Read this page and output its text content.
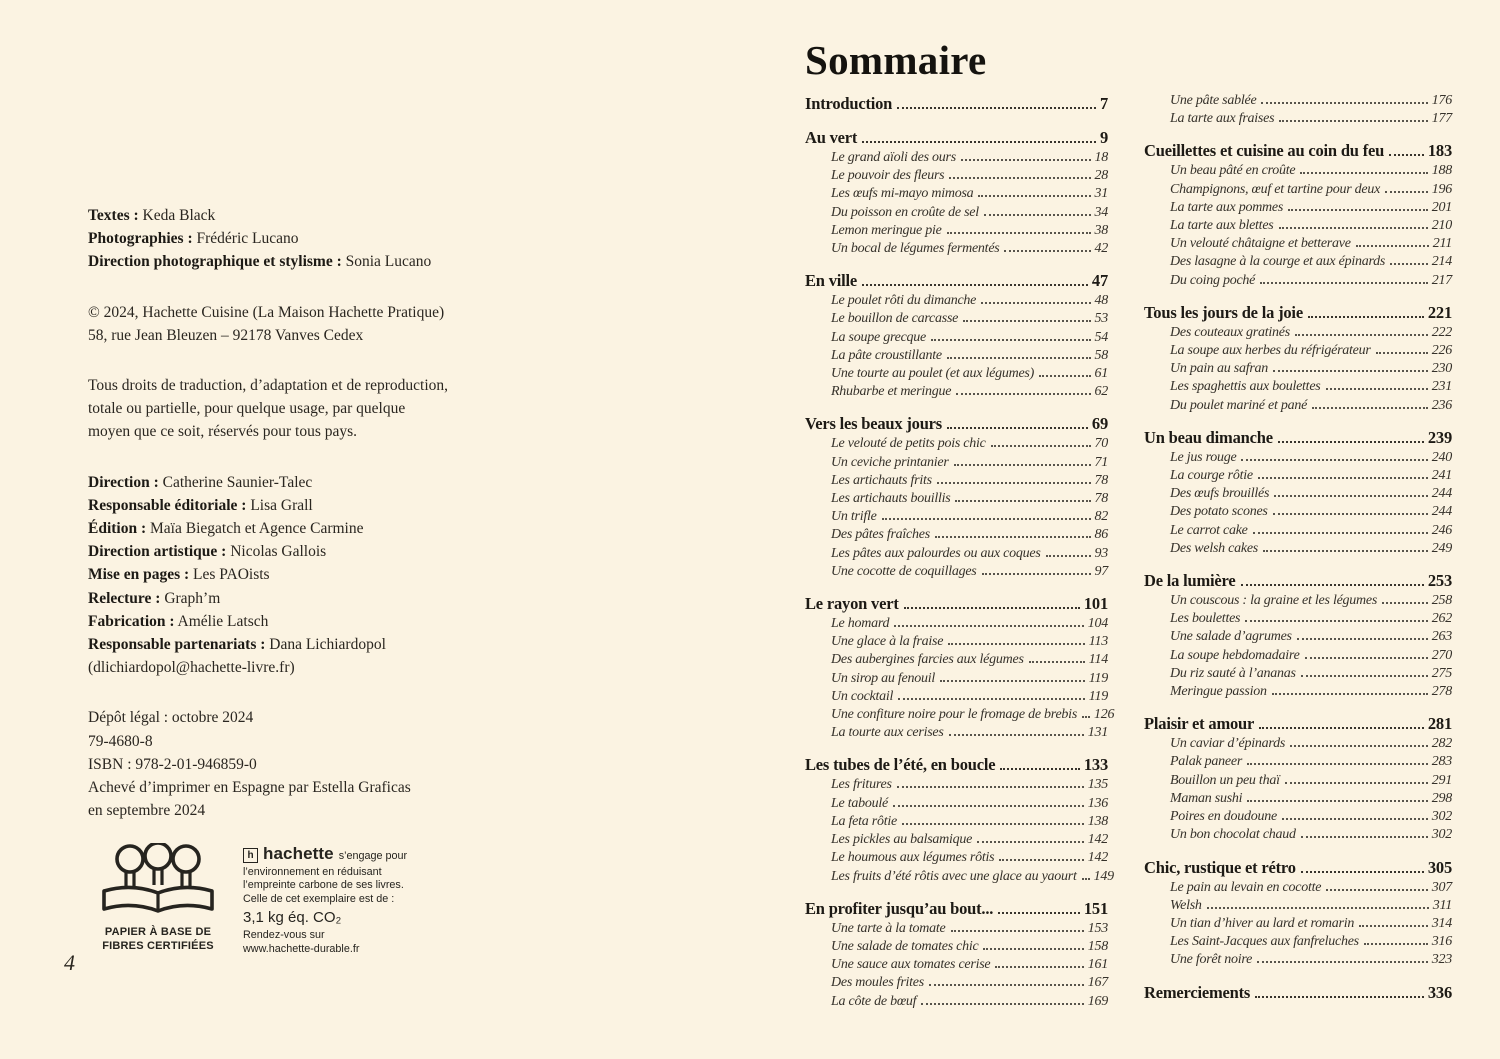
Textes : Keda Black
Photographies : Frédéric Lucano
Direction photographique et stylisme : Sonia Lucano
© 2024, Hachette Cuisine (La Maison Hachette Pratique)
58, rue Jean Bleuzen – 92178 Vanves Cedex
Tous droits de traduction, d’adaptation et de reproduction,
totale ou partielle, pour quelque usage, par quelque
moyen que ce soit, réservés pour tous pays.
Direction : Catherine Saunier-Talec
Responsable éditoriale : Lisa Grall
Édition : Maïa Biegatch et Agence Carmine
Direction artistique : Nicolas Gallois
Mise en pages : Les PAOists
Relecture : Graph’m
Fabrication : Amélie Latsch
Responsable partenariats : Dana Lichiardopol
(dlichiardopol@hachette-livre.fr)
Dépôt légal : octobre 2024
79-4680-8
ISBN : 978-2-01-946859-0
Achevé d’imprimer en Espagne par Estella Graficas
en septembre 2024
PAPIER À BASE DE
FIBRES CERTIFIÉES
h hachette s’engage pour
l’environnement en réduisant
l’empreinte carbone de ses livres.
Celle de cet exemplaire est de :
3,1 kg éq. CO₂
Rendez-vous sur
www.hachette-durable.fr
4
Sommaire
Introduction	7
Au vert	9
Le grand aïoli des ours	18
Le pouvoir des fleurs	28
Les œufs mi-mayo mimosa	31
Du poisson en croûte de sel	34
Lemon meringue pie	38
Un bocal de légumes fermentés	42
En ville	47
Le poulet rôti du dimanche	48
Le bouillon de carcasse	53
La soupe grecque	54
La pâte croustillante	58
Une tourte au poulet (et aux légumes)	61
Rhubarbe et meringue	62
Vers les beaux jours	69
Le velouté de petits pois chic	70
Un ceviche printanier	71
Les artichauts frits	78
Les artichauts bouillis	78
Un trifle	82
Des pâtes fraîches	86
Les pâtes aux palourdes ou aux coques	93
Une cocotte de coquillages	97
Le rayon vert	101
Le homard	104
Une glace à la fraise	113
Des aubergines farcies aux légumes	114
Un sirop au fenouil	119
Un cocktail	119
Une confiture noire pour le fromage de brebis 126
La tourte aux cerises	131
Les tubes de l’été, en boucle	133
Les fritures	135
Le taboulé	136
La feta rôtie	138
Les pickles au balsamique	142
Le houmous aux légumes rôtis	142
Les fruits d’été rôtis avec une glace au yaourt 149
En profiter jusqu’au bout...	151
Une tarte à la tomate	153
Une salade de tomates chic	158
Une sauce aux tomates cerise	161
Des moules frites	167
La côte de bœuf	169
Une pâte sablée	176
La tarte aux fraises	177
Cueillettes et cuisine au coin du feu	183
Un beau pâté en croûte	188
Champignons, œuf et tartine pour deux	196
La tarte aux pommes	201
La tarte aux blettes	210
Un velouté châtaigne et betterave	211
Des lasagne à la courge et aux épinards	214
Du coing poché	217
Tous les jours de la joie	221
Des couteaux gratinés	222
La soupe aux herbes du réfrigérateur	226
Un pain au safran	230
Les spaghettis aux boulettes	231
Du poulet mariné et pané	236
Un beau dimanche	239
Le jus rouge	240
La courge rôtie	241
Des œufs brouillés	244
Des potato scones	244
Le carrot cake	246
Des welsh cakes	249
De la lumière	253
Un couscous : la graine et les légumes	258
Les boulettes	262
Une salade d’agrumes	263
La soupe hebdomadaire	270
Du riz sauté à l’ananas	275
Meringue passion	278
Plaisir et amour	281
Un caviar d’épinards	282
Palak paneer	283
Bouillon un peu thaï	291
Maman sushi	298
Poires en doudoune	302
Un bon chocolat chaud	302
Chic, rustique et rétro	305
Le pain au levain en cocotte	307
Welsh	311
Un tian d’hiver au lard et romarin	314
Les Saint-Jacques aux fanfreluches	316
Une forêt noire	323
Remerciements	336
